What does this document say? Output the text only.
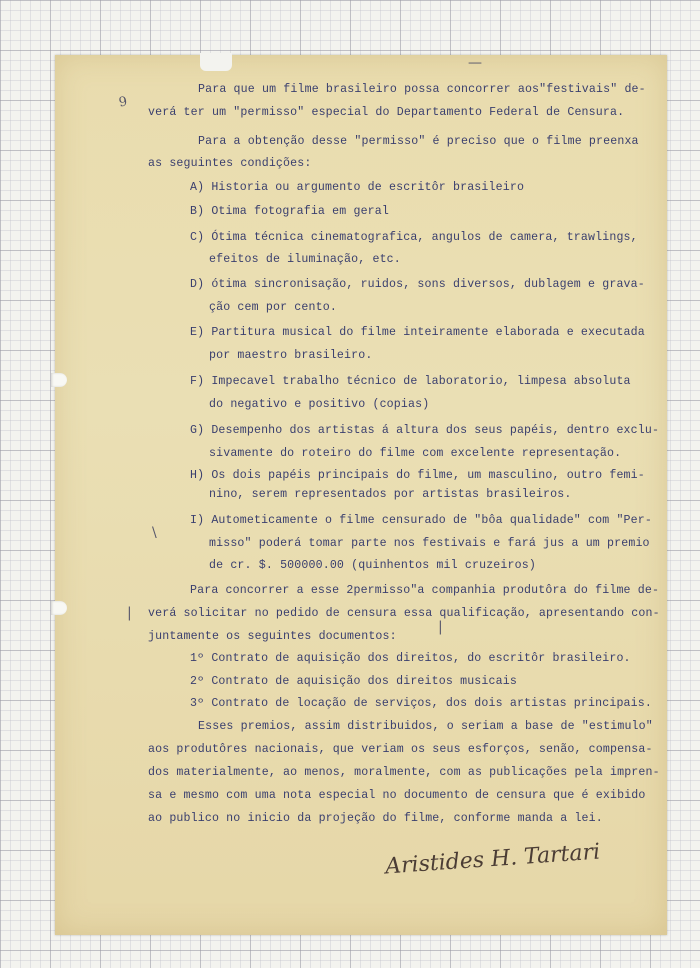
9
—
\
|
|

Para que um filme brasileiro possa concorrer aos"festivais" de-

verá ter um "permisso" especial do Departamento Federal de Censura.

Para a obtenção desse "permisso" é preciso que o filme preenxa

as seguintes condições:

A) Historia ou argumento de escritôr brasileiro

B) Otima fotografia em geral

C) Ótima técnica cinematografica, angulos de camera, trawlings,

efeitos de iluminação, etc.

D) ótima sincronisação, ruidos, sons diversos, dublagem e grava-

ção cem por cento.

E) Partitura musical do filme inteiramente elaborada e executada

por maestro brasileiro.

F) Impecavel trabalho técnico de laboratorio, limpesa absoluta

do negativo e positivo (copias)

G) Desempenho dos artistas á altura dos seus papéis, dentro exclu-

sivamente do roteiro do filme com excelente representação.

H) Os dois papéis principais do filme, um masculino, outro femi-

nino, serem representados por artistas brasileiros.

I) Autometicamente o filme censurado de "bôa qualidade" com "Per-

misso" poderá tomar parte nos festivais e fará jus a um premio

de cr. $. 500000.00 (quinhentos mil cruzeiros)

Para concorrer a esse 2permisso"a companhia produtôra do filme de-

verá solicitar no pedido de censura essa qualificação, apresentando con-

juntamente os seguintes documentos:

1º Contrato de aquisição dos direitos, do escritôr brasileiro.

2º Contrato de aquisição dos direitos musicais

3º Contrato de locação de serviços, dos dois artistas principais.

Esses premios, assim distribuidos, o seriam a base de "estimulo"

aos produtôres nacionais, que veriam os seus esforços, senão, compensa-

dos materialmente, ao menos, moralmente, com as publicações pela impren-

sa e mesmo com uma nota especial no documento de censura que é exibido

ao publico no inicio da projeção do filme, conforme manda a lei.

Aristides H. Tartari
